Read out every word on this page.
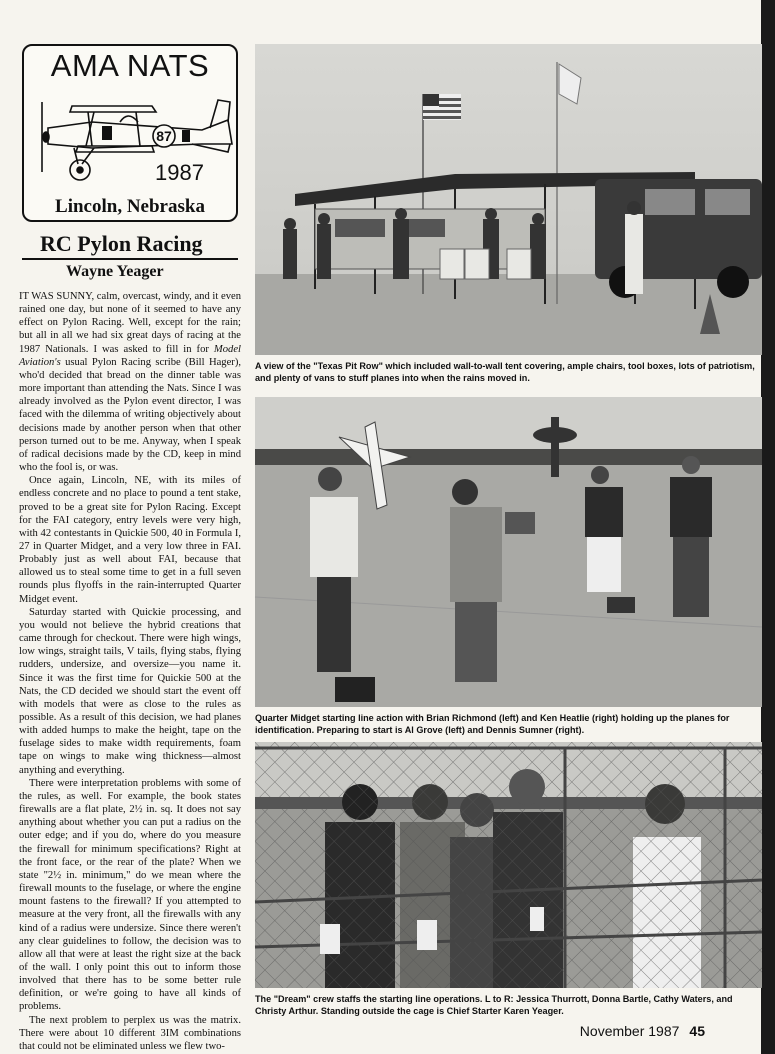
AMA NATS
87
1987
Lincoln, Nebraska
RC Pylon Racing
Wayne Yeager

IT WAS SUNNY, calm, overcast, windy, and it even rained one day, but none of it seemed to have any effect on Pylon Racing. Well, except for the rain; but all in all we had six great days of racing at the 1987 Nationals. I was asked to fill in for Model Aviation's usual Pylon Racing scribe (Bill Hager), who'd decided that bread on the dinner table was more important than attending the Nats. Since I was already involved as the Pylon event director, I was faced with the dilemma of writing objectively about decisions made by another person when that other person turned out to be me. Anyway, when I speak of radical decisions made by the CD, keep in mind who the fool is, or was.

Once again, Lincoln, NE, with its miles of endless concrete and no place to pound a tent stake, proved to be a great site for Pylon Racing. Except for the FAI category, entry levels were very high, with 42 contestants in Quickie 500, 40 in Formula I, 27 in Quarter Midget, and a very low three in FAI. Probably just as well about FAI, because that allowed us to steal some time to get in a full seven rounds plus flyoffs in the rain-interrupted Quarter Midget event.

Saturday started with Quickie processing, and you would not believe the hybrid creations that came through for checkout. There were high wings, low wings, straight tails, V tails, flying stabs, flying rudders, undersize, and oversize—you name it. Since it was the first time for Quickie 500 at the Nats, the CD decided we should start the event off with models that were as close to the rules as possible. As a result of this decision, we had planes with added humps to make the height, tape on the fuselage sides to make width requirements, foam tape on wings to make wing thickness—almost anything and everything.

There were interpretation problems with some of the rules, as well. For example, the book states firewalls are a flat plate, 2½ in. sq. It does not say anything about whether you can put a radius on the outer edge; and if you do, where do you measure the firewall for minimum specifications? Right at the front face, or the rear of the plate? When we state "2½ in. minimum," do we mean where the firewall mounts to the fuselage, or where the engine mount fastens to the firewall? If you attempted to measure at the very front, all the firewalls with any kind of a radius were undersize. Since there weren't any clear guidelines to follow, the decision was to allow all that were at least the right size at the back of the wall. I only point this out to inform those involved that there has to be some better rule definition, or we're going to have all kinds of problems.

The next problem to perplex us was the matrix. There were about 10 different 3IM combinations that could not be eliminated unless we flew two-

A view of the "Texas Pit Row" which included wall-to-wall tent covering, ample chairs, tool boxes, lots of patriotism, and plenty of vans to stuff planes into when the rains moved in.
Quarter Midget starting line action with Brian Richmond (left) and Ken Heatlie (right) holding up the planes for identification. Preparing to start is Al Grove (left) and Dennis Sumner (right).
The "Dream" crew staffs the starting line operations. L to R: Jessica Thurrott, Donna Bartle, Cathy Waters, and Christy Arthur. Standing outside the cage is Chief Starter Karen Yeager.
November 1987 45
